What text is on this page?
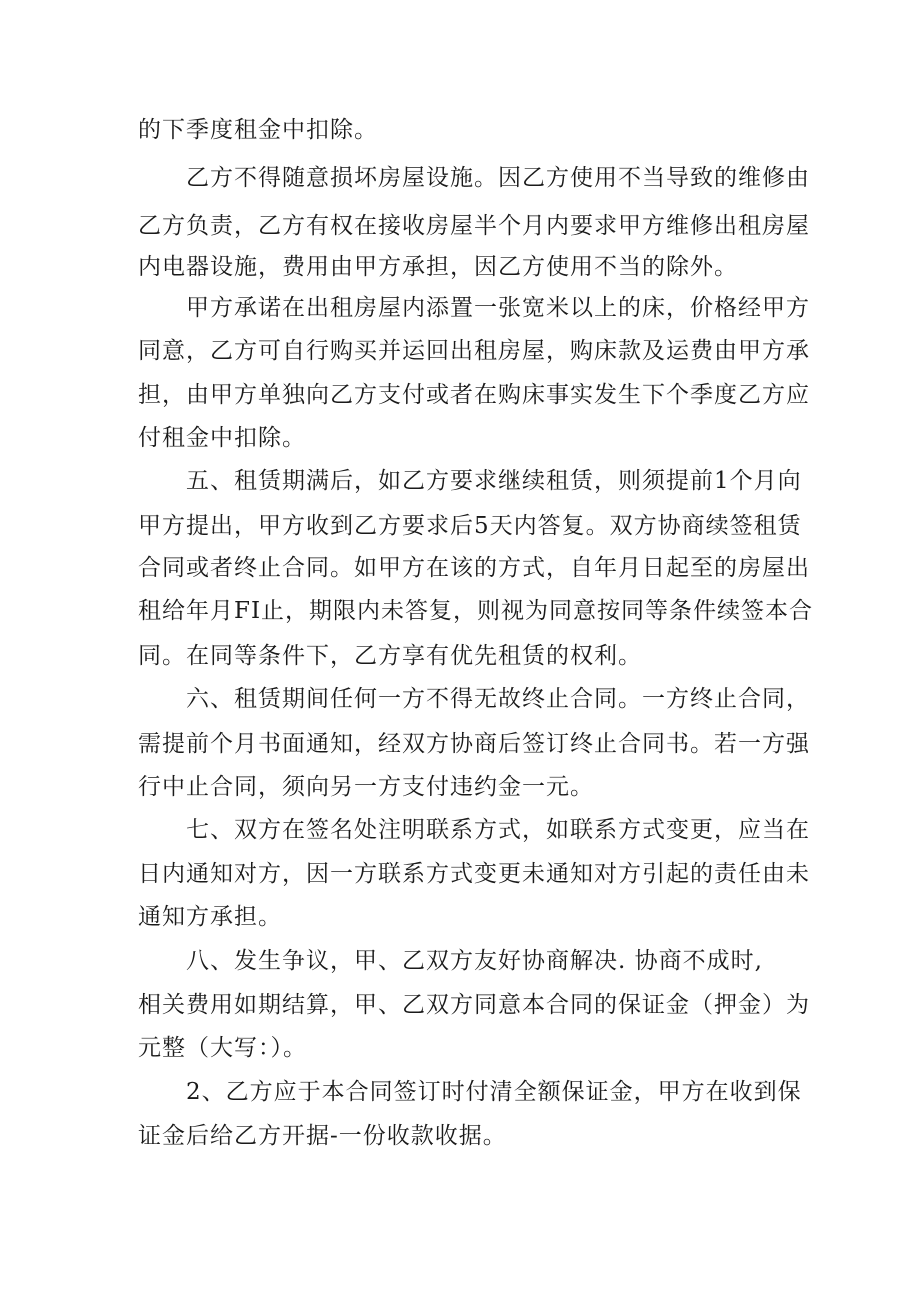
的下季度租金中扣除。
乙方不得随意损坏房屋设施。因乙方使用不当导致的维修由
乙方负责，乙方有权在接收房屋半个月内要求甲方维修出租房屋
内电器设施，费用由甲方承担，因乙方使用不当的除外。
甲方承诺在出租房屋内添置一张宽米以上的床，价格经甲方
同意，乙方可自行购买并运回出租房屋，购床款及运费由甲方承
担，由甲方单独向乙方支付或者在购床事实发生下个季度乙方应
付租金中扣除。
五、租赁期满后，如乙方要求继续租赁，则须提前1个月向
甲方提出，甲方收到乙方要求后5天内答复。双方协商续签租赁
合同或者终止合同。如甲方在该的方式，自年月日起至的房屋出
租给年月FI止，期限内未答复，则视为同意按同等条件续签本合
同。在同等条件下，乙方享有优先租赁的权利。
六、租赁期间任何一方不得无故终止合同。一方终止合同，
需提前个月书面通知，经双方协商后签订终止合同书。若一方强
行中止合同，须向另一方支付违约金一元。
七、双方在签名处注明联系方式，如联系方式变更，应当在
日内通知对方，因一方联系方式变更未通知对方引起的责任由未
通知方承担。
八、发生争议，甲、乙双方友好协商解决. 协商不成时,
相关费用如期结算，甲、乙双方同意本合同的保证金（押金）为
元整（大写：）。
2、乙方应于本合同签订时付清全额保证金，甲方在收到保
证金后给乙方开据-一份收款收据。
